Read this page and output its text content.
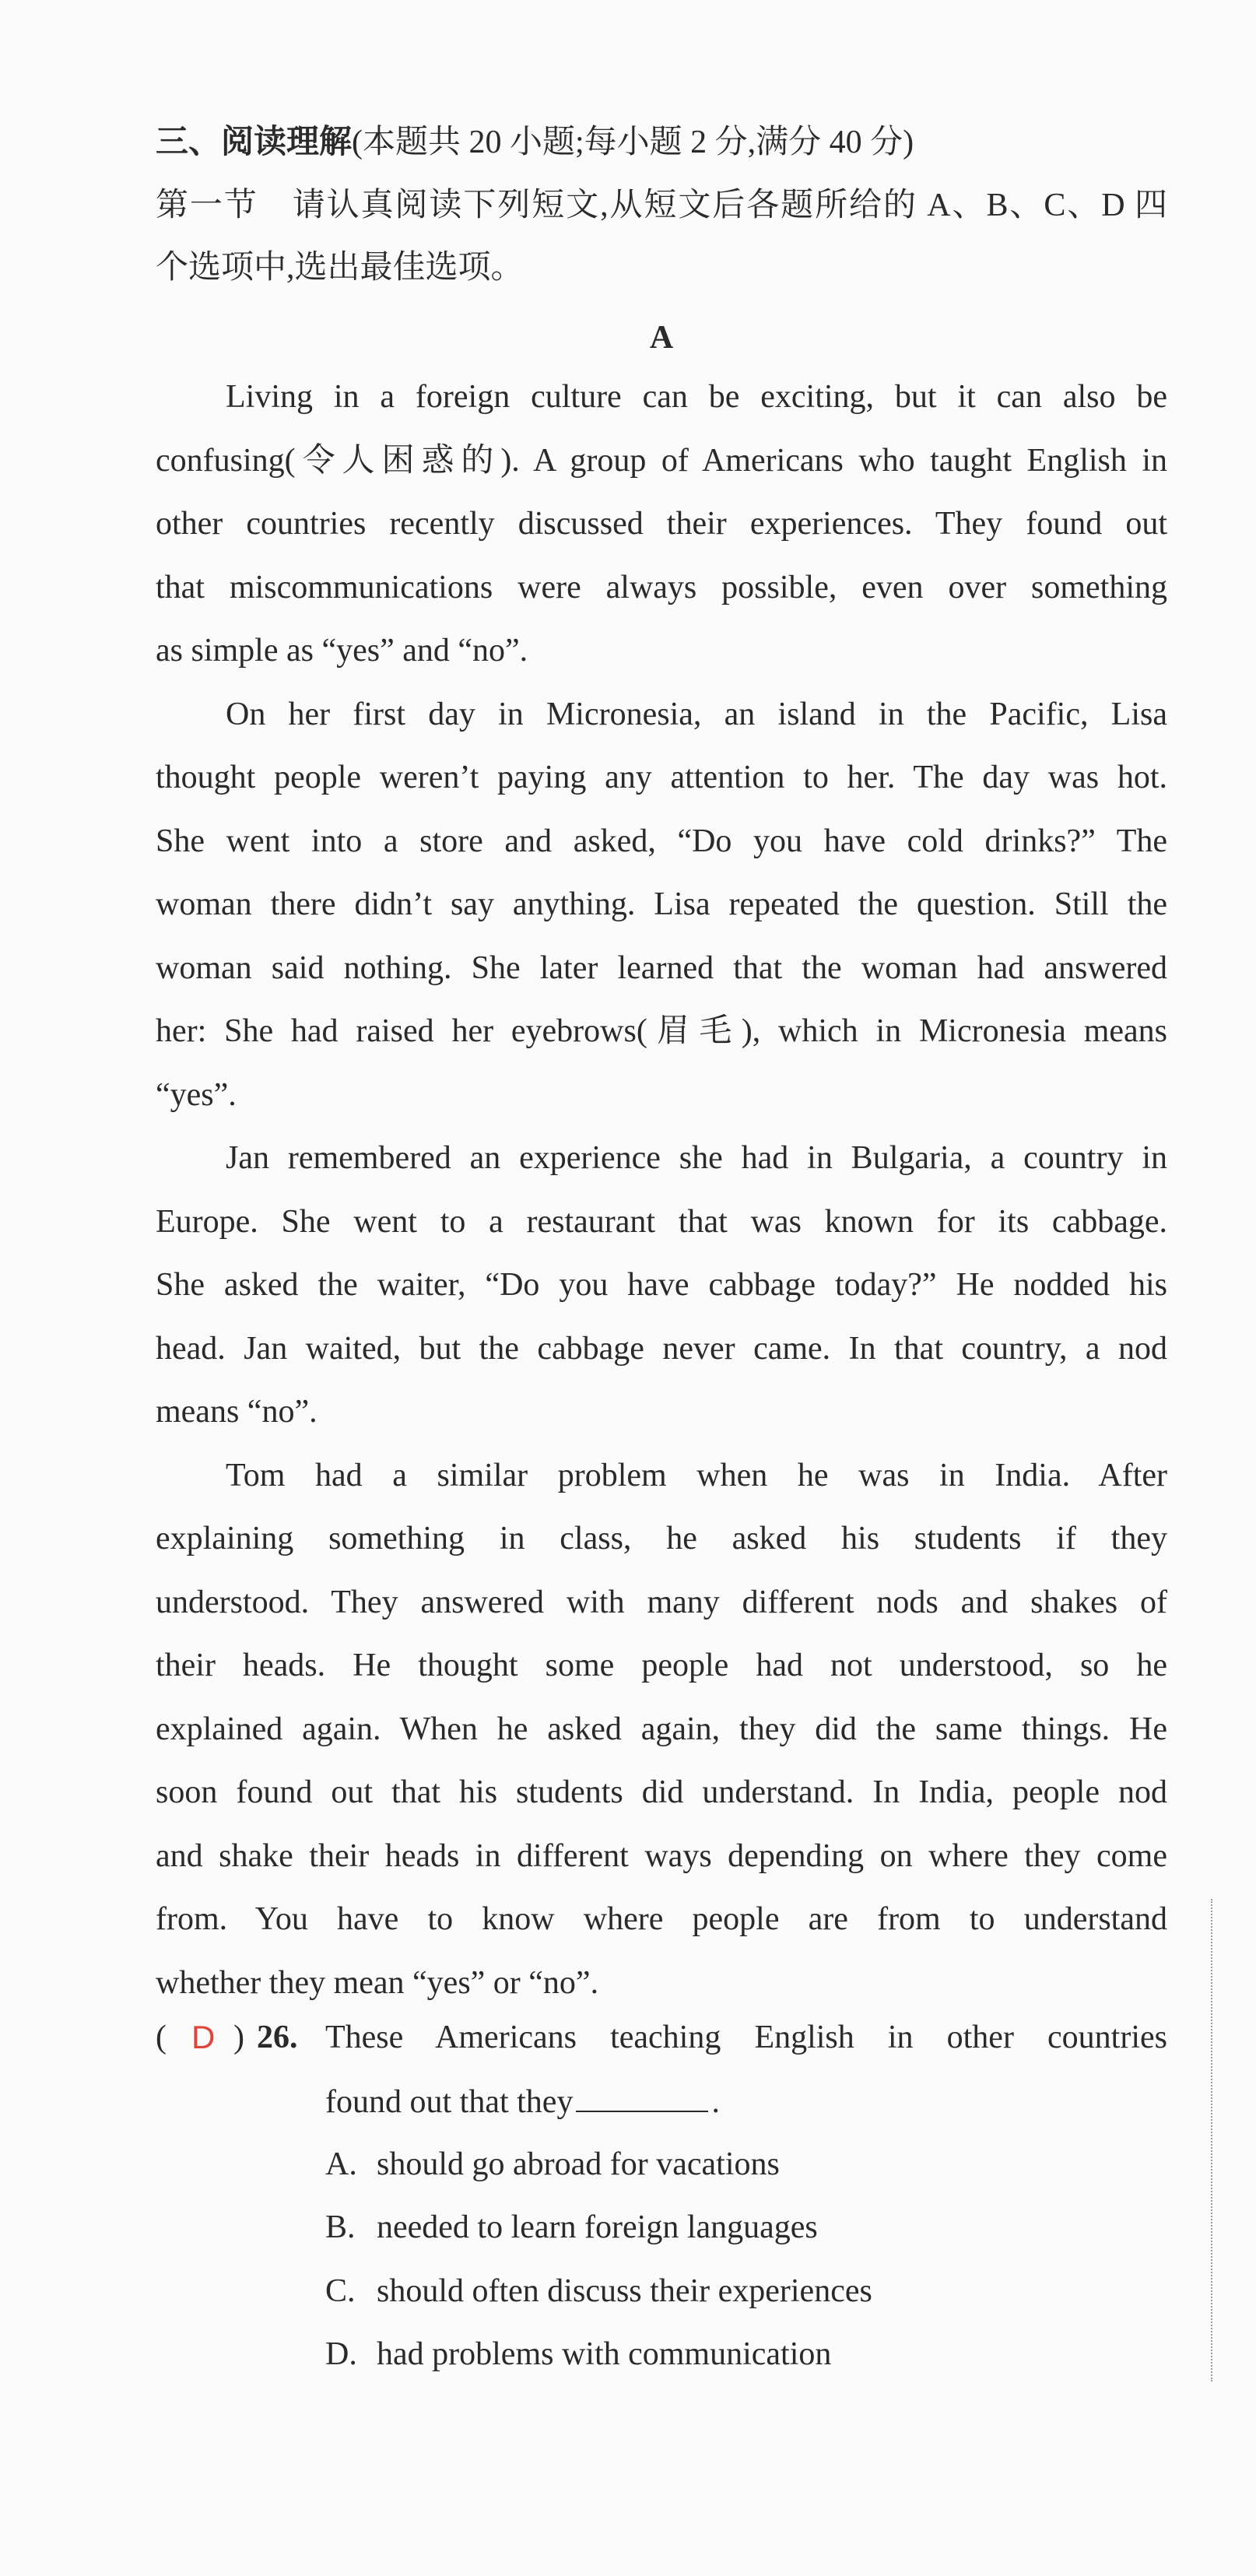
三、阅读理解(本题共 20 小题;每小题 2 分,满分 40 分)
第一节　请认真阅读下列短文,从短文后各题所给的 A、B、C、D 四
个选项中,选出最佳选项。
A
Living in a foreign culture can be exciting, but it can also be
confusing(令人困惑的). A group of Americans who taught English in
other countries recently discussed their experiences. They found out
that miscommunications were always possible, even over something
as simple as “yes” and “no”.
On her first day in Micronesia, an island in the Pacific, Lisa
thought people weren’t paying any attention to her. The day was hot.
She went into a store and asked, “Do you have cold drinks?” The
woman there didn’t say anything. Lisa repeated the question. Still the
woman said nothing. She later learned that the woman had answered
her: She had raised her eyebrows(眉毛), which in Micronesia means
“yes”.
Jan remembered an experience she had in Bulgaria, a country in
Europe. She went to a restaurant that was known for its cabbage.
She asked the waiter, “Do you have cabbage today?” He nodded his
head. Jan waited, but the cabbage never came. In that country, a nod
means “no”.
Tom had a similar problem when he was in India. After
explaining something in class, he asked his students if they
understood. They answered with many different nods and shakes of
their heads. He thought some people had not understood, so he
explained again. When he asked again, they did the same things. He
soon found out that his students did understand. In India, people nod
and shake their heads in different ways depending on where they come
from. You have to know where people are from to understand
whether they mean “yes” or “no”.
( D ) 26. These Americans teaching English in other countries
found out that they	.
A. should go abroad for vacations
B. needed to learn foreign languages
C. should often discuss their experiences
D. had problems with communication
